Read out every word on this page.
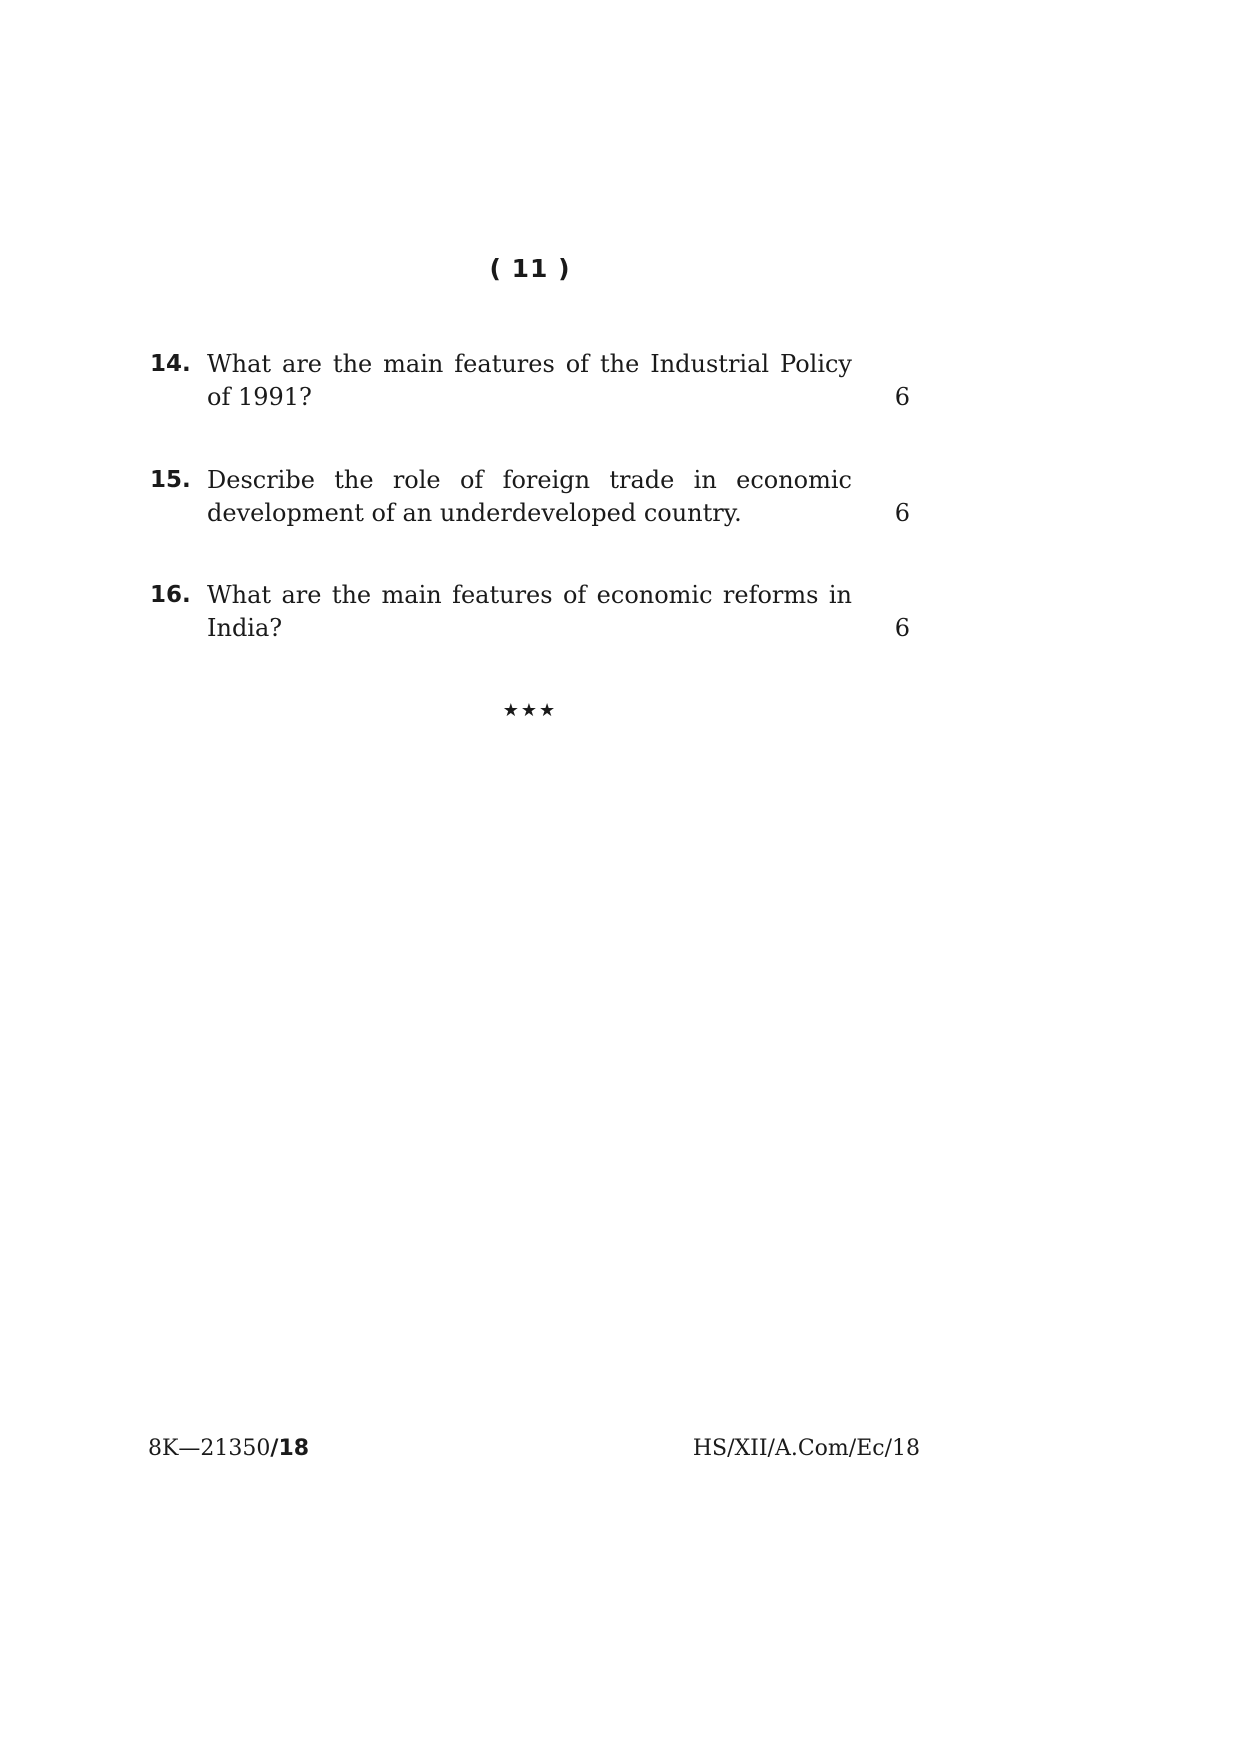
( 11 )
14. What are the main features of the Industrial Policy of 1991?	6
15. Describe the role of foreign trade in economic development of an underdeveloped country.	6
16. What are the main features of economic reforms in India?	6
★★★
8K—21350/18	HS/XII/A.Com/Ec/18
